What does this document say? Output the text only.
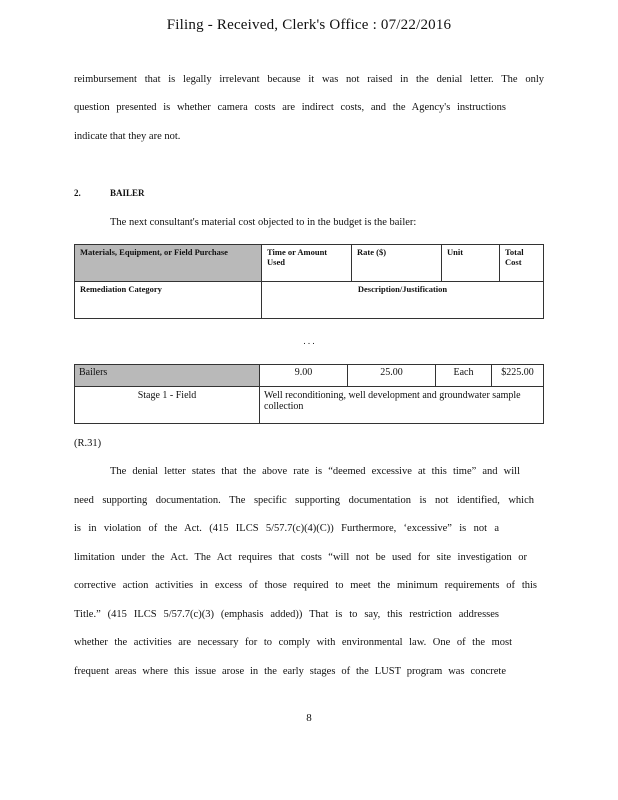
Filing - Received, Clerk's Office : 07/22/2016
reimbursement that is legally irrelevant because it was not raised in the denial letter. The only
question presented is whether camera costs are indirect costs, and the Agency's instructions
indicate that they are not.
2.	BAILER
The next consultant's material cost objected to in the budget is the bailer:
Materials, Equipment, or Field Purchase	Time or Amount Used	Rate ($)	Unit	Total Cost
Remediation Category	Description/Justification			
. . .
Bailers	9.00	25.00	Each	$225.00
Stage 1 - Field	Well reconditioning, well development and groundwater sample collection			
(R.31)
The denial letter states that the above rate is “deemed excessive at this time” and will
need supporting documentation. The specific supporting documentation is not identified, which
is in violation of the Act. (415 ILCS 5/57.7(c)(4)(C)) Furthermore, ‘excessive” is not a
limitation under the Act. The Act requires that costs “will not be used for site investigation or
corrective action activities in excess of those required to meet the minimum requirements of this
Title.” (415 ILCS 5/57.7(c)(3) (emphasis added)) That is to say, this restriction addresses
whether the activities are necessary for to comply with environmental law. One of the most
frequent areas where this issue arose in the early stages of the LUST program was concrete
8
